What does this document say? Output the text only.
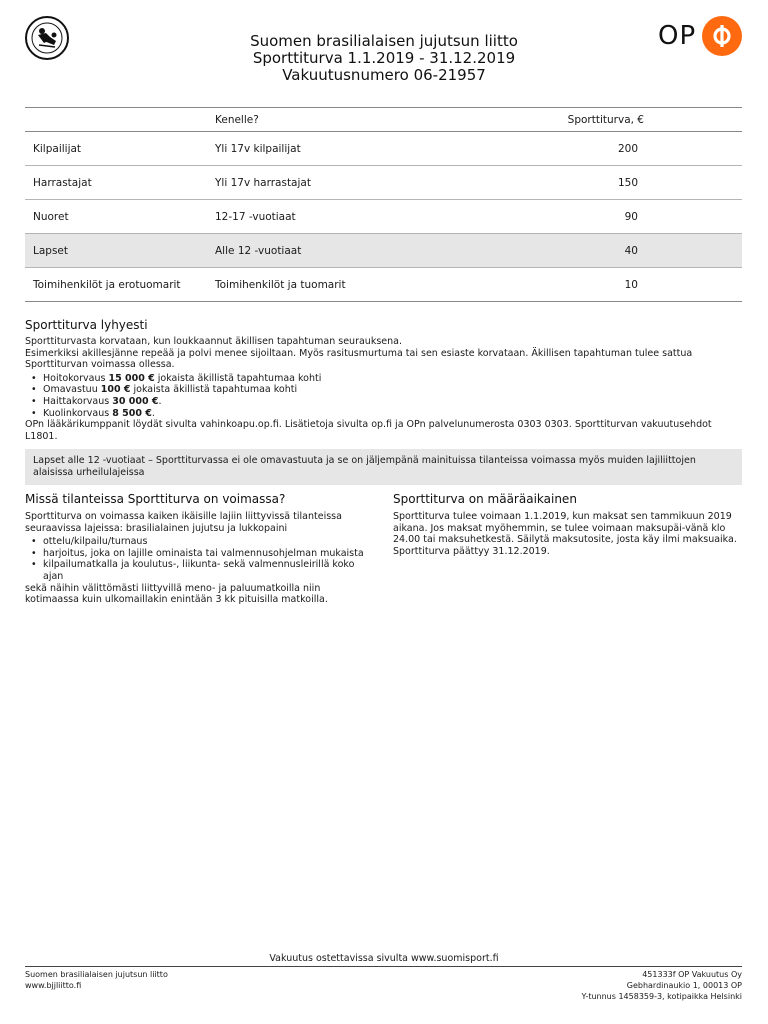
Suomen brasilialaisen jujutsun liitto
Sporttiturva 1.1.2019 - 31.12.2019
Vakuutusnumero 06-21957
OP
	Kenelle?	Sporttiturva, €
Kilpailijat	Yli 17v kilpailijat	200
Harrastajat	Yli 17v harrastajat	150
Nuoret	12-17 -vuotiaat	90
Lapset	Alle 12 -vuotiaat	40
Toimihenkilöt ja erotuomarit	Toimihenkilöt ja tuomarit	10
Sporttiturva lyhyesti

Sporttiturvasta korvataan, kun loukkaannut äkillisen tapahtuman seurauksena.

Esimerkiksi akillesjänne repeää ja polvi menee sijoiltaan. Myös rasitusmurtuma tai sen esiaste korvataan. Äkillisen tapahtuman tulee sattua Sporttiturvan voimassa ollessa.

• Hoitokorvaus 15 000 € jokaista äkillistä tapahtumaa kohti
• Omavastuu 100 € jokaista äkillistä tapahtumaa kohti
• Haittakorvaus 30 000 €.
• Kuolinkorvaus 8 500 €.

OPn lääkärikumppanit löydät sivulta vahinkoapu.op.fi. Lisätietoja sivulta op.fi ja OPn palvelunumerosta 0303 0303. Sporttiturvan vakuutusehdot L1801.

Lapset alle 12 -vuotiaat – Sporttiturvassa ei ole omavastuuta ja se on jäljempänä mainituissa tilanteissa voimassa myös muiden lajiliittojen alaisissa urheilulajeissa
Missä tilanteissa Sporttiturva on voimassa?

Sporttiturva on voimassa kaiken ikäisille lajiin liittyvissä tilanteissa seuraavissa lajeissa: brasilialainen jujutsu ja lukkopaini

• ottelu/kilpailu/turnaus
• harjoitus, joka on lajille ominaista tai valmennusohjelman mukaista
• kilpailumatkalla ja koulutus-, liikunta- sekä valmennusleirillä koko ajan

sekä näihin välittömästi liittyvillä meno- ja paluumatkoilla niin kotimaassa kuin ulkomaillakin enintään 3 kk pituisilla matkoilla.

Sporttiturva on määräaikainen

Sporttiturva tulee voimaan 1.1.2019, kun maksat sen tammikuun 2019 aikana. Jos maksat myöhemmin, se tulee voimaan maksupäi-vänä klo 24.00 tai maksuhetkestä. Säilytä maksutosite, josta käy ilmi maksuaika. Sporttiturva päättyy 31.12.2019.

Vakuutus ostettavissa sivulta www.suomisport.fi
Suomen brasilialaisen jujutsun liitto
www.bjjliitto.fi
451333f OP Vakuutus Oy
Gebhardinaukio 1, 00013 OP
Y-tunnus 1458359-3, kotipaikka Helsinki
